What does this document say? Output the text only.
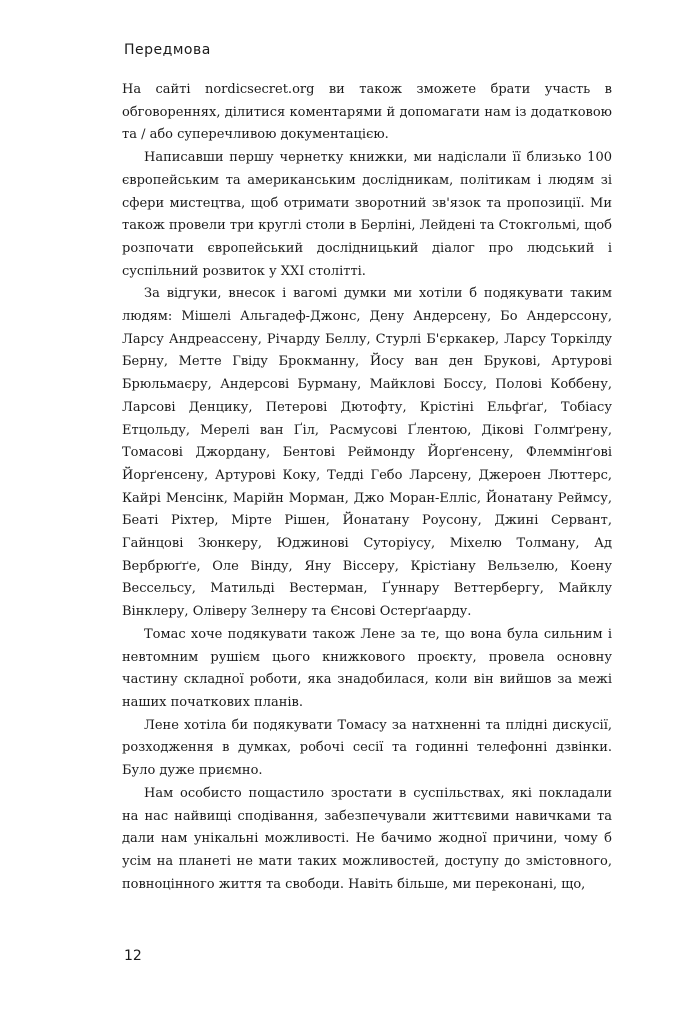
Передмова

На сайті nordicsecret.org ви також зможете брати участь в обговореннях, ділитися коментарями й допомагати нам із додатковою та / або суперечливою документацією.

Написавши першу чернетку книжки, ми надіслали її близько 100 європейським та американським дослідникам, політикам і людям зі сфери мистецтва, щоб отримати зворотний зв'язок та пропозиції. Ми також провели три круглі столи в Берліні, Лейдені та Стокгольмі, щоб розпочати європейський дослідницький діалог про людський і суспільний розвиток у XXI столітті.

За відгуки, внесок і вагомі думки ми хотіли б подякувати таким людям: Мішелі Альгадеф-Джонс, Дену Андерсену, Бо Андерссону, Ларсу Андреассену, Річарду Беллу, Стурлі Б'єркакер, Ларсу Торкілду Берну, Метте Гвіду Брокманну, Йосу ван ден Брукові, Артурові Брюльмаєру, Андерсові Бурману, Майклові Боссу, Полові Коббену, Ларсові Денцику, Петерові Дютофту, Крістіні Ельфґаґ, Тобіасу Етцольду, Мерелі ван Ґіл, Расмусові Ґлентою, Дікові Голмґрену, Томасові Джордану, Бентові Реймонду Йорґенсену, Флеммінґові Йорґенсену, Артурові Коку, Тедді Гебо Ларсену, Джероен Люттерс, Кайрі Менсінк, Марійн Морман, Джо Моран-Елліс, Йонатану Реймсу, Беаті Ріхтер, Мірте Рішен, Йонатану Роусону, Джині Сервант, Гайнцові Зюнкеру, Юджинові Суторіусу, Міхелю Толману, Ад Вербрюґґе, Оле Вінду, Яну Віссеру, Крістіану Вельзелю, Коену Вессельсу, Матильді Вестерман, Ґуннару Веттербергу, Майклу Вінклеру, Оліверу Зелнеру та Єнсові Остерґаарду.

Томас хоче подякувати також Лене за те, що вона була сильним і невтомним рушієм цього книжкового проєкту, провела основну частину складної роботи, яка знадобилася, коли він вийшов за межі наших початкових планів.

Лене хотіла би подякувати Томасу за натхненні та плідні дискусії, розходження в думках, робочі сесії та годинні телефонні дзвінки. Було дуже приємно.

Нам особисто пощастило зростати в суспільствах, які покладали на нас найвищі сподівання, забезпечували життєвими навичками та дали нам унікальні можливості. Не бачимо жодної причини, чому б усім на планеті не мати таких можливостей, доступу до змістовного, повноцінного життя та свободи. Навіть більше, ми переконані, що,

12
